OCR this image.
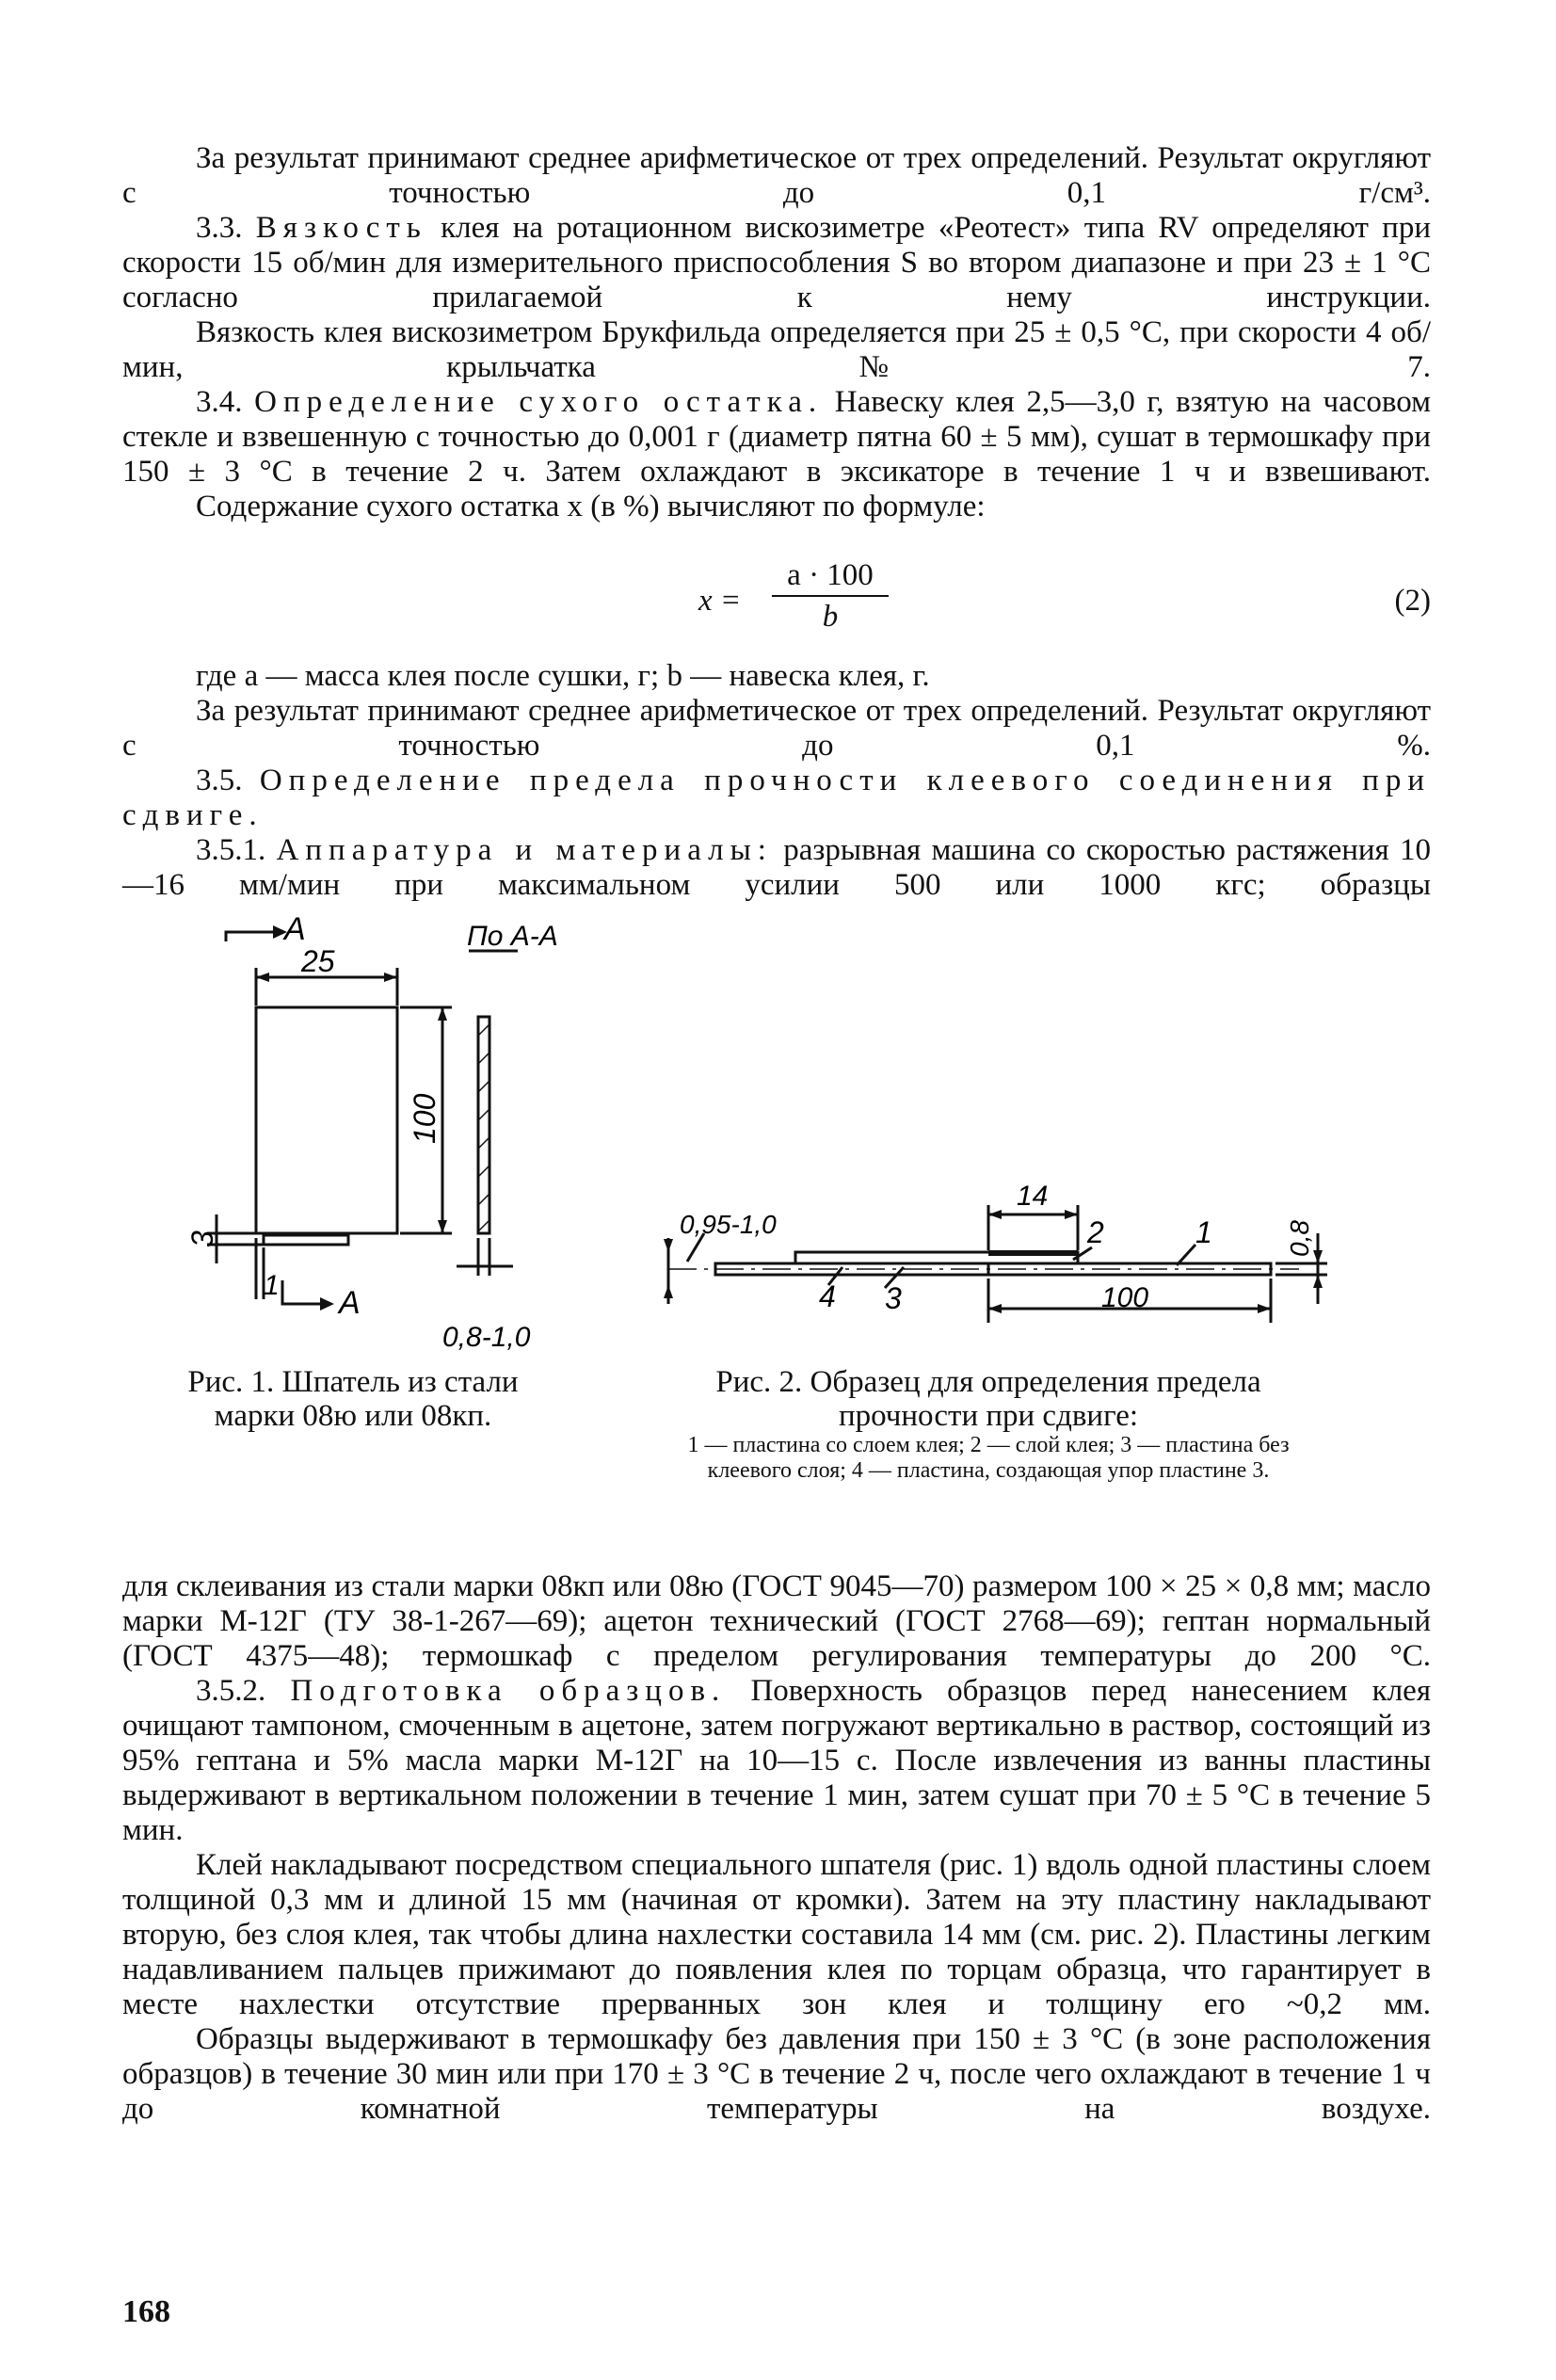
За результат принимают среднее арифметическое от трех определений. Результат округляют с точностью до 0,1 г/см³.

3.3. Вязкость клея на ротационном вискозиметре «Реотест» типа RV определяют при скорости 15 об/мин для измерительного приспособления S во втором диапазоне и при 23 ± 1 °С согласно прилагаемой к нему инструкции.

Вязкость клея вискозиметром Брукфильда определяется при 25 ± 0,5 °С, при скорости 4 об/мин, крыльчатка № 7.

3.4. Определение сухого остатка. Навеску клея 2,5—3,0 г, взятую на часовом стекле и взвешенную с точностью до 0,001 г (диаметр пятна 60 ± 5 мм), сушат в термошкафу при 150 ± 3 °С в течение 2 ч. Затем охлаждают в эксикаторе в течение 1 ч и взвешивают.

Содержание сухого остатка x (в %) вычисляют по формуле:

x =
a · 100
b	(2)

где a — масса клея после сушки, г; b — навеска клея, г.

За результат принимают среднее арифметическое от трех определений. Результат округляют с точностью до 0,1 %.

3.5. Определение предела прочности клеевого соединения при сдвиге.

3.5.1. Аппаратура и материалы: разрывная машина со скоростью растяжения 10—16 мм/мин при максимальном усилии 500 или 1000 кгс; образцы

A
A
По А-А
25
100
3
1
0,8-1,0
Рис. 1. Шпатель из стали марки 08ю или 08кп.
0,95-1,0
14
100
0,8
1
2
3
4
Рис. 2. Образец для определения предела прочности при сдвиге:
1 — пластина со слоем клея; 2 — слой клея; 3 — пластина без клеевого слоя; 4 — пластина, создающая упор пластине 3.

для склеивания из стали марки 08кп или 08ю (ГОСТ 9045—70) размером 100 × 25 × 0,8 мм; масло марки М-12Г (ТУ 38-1-267—69); ацетон технический (ГОСТ 2768—69); гептан нормальный (ГОСТ 4375—48); термошкаф с пределом регулирования температуры до 200 °С.

3.5.2. Подготовка образцов. Поверхность образцов перед нанесением клея очищают тампоном, смоченным в ацетоне, затем погружают вертикально в раствор, состоящий из 95% гептана и 5% масла марки М-12Г на 10—15 с. После извлечения из ванны пластины выдерживают в вертикальном положении в течение 1 мин, затем сушат при 70 ± 5 °С в течение 5 мин.

Клей накладывают посредством специального шпателя (рис. 1) вдоль одной пластины слоем толщиной 0,3 мм и длиной 15 мм (начиная от кромки). Затем на эту пластину накладывают вторую, без слоя клея, так чтобы длина нахлестки составила 14 мм (см. рис. 2). Пластины легким надавливанием пальцев прижимают до появления клея по торцам образца, что гарантирует в месте нахлестки отсутствие прерванных зон клея и толщину его ~0,2 мм.

Образцы выдерживают в термошкафу без давления при 150 ± 3 °С (в зоне расположения образцов) в течение 30 мин или при 170 ± 3 °С в течение 2 ч, после чего охлаждают в течение 1 ч до комнатной температуры на воздухе.

168
